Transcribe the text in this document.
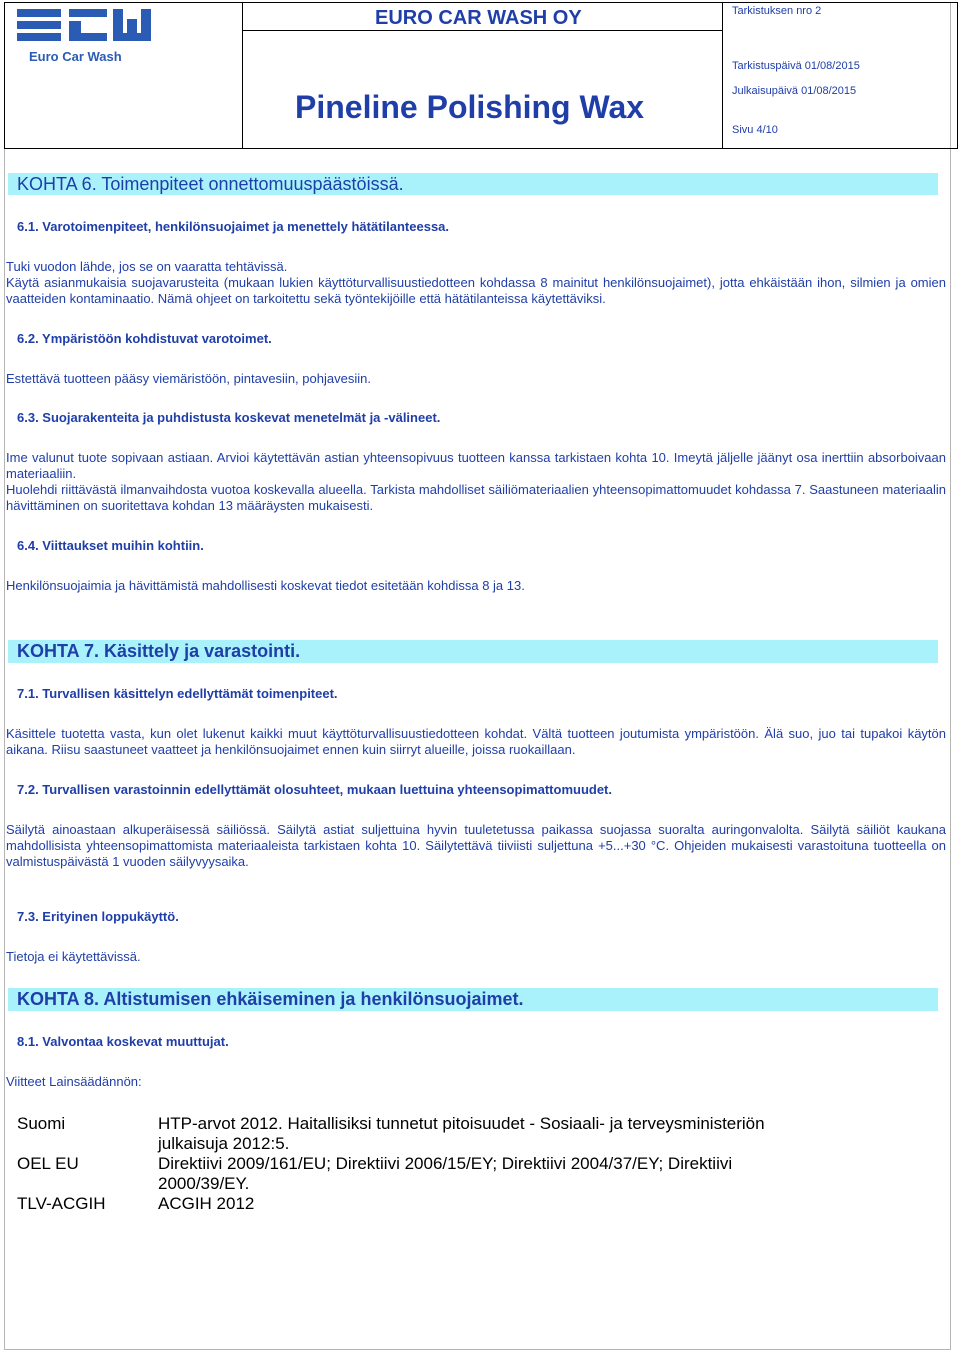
Euro Car Wash
EURO CAR WASH OY
Pineline Polishing Wax
Tarkistuksen nro 2
Tarkistuspäivä 01/08/2015
Julkaisupäivä 01/08/2015
Sivu 4/10
KOHTA 6. Toimenpiteet onnettomuuspäästöissä.
6.1. Varotoimenpiteet, henkilönsuojaimet ja menettely hätätilanteessa.
Tuki vuodon lähde, jos se on vaaratta tehtävissä.
Käytä asianmukaisia suojavarusteita (mukaan lukien käyttöturvallisuustiedotteen kohdassa 8 mainitut henkilönsuojaimet), jotta ehkäistään ihon, silmien ja omien vaatteiden kontaminaatio. Nämä ohjeet on tarkoitettu sekä työntekijöille että hätätilanteissa käytettäviksi.
6.2. Ympäristöön kohdistuvat varotoimet.
Estettävä tuotteen pääsy viemäristöön, pintavesiin, pohjavesiin.
6.3. Suojarakenteita ja puhdistusta koskevat menetelmät ja -välineet.
Ime valunut tuote sopivaan astiaan. Arvioi käytettävän astian yhteensopivuus tuotteen kanssa tarkistaen kohta 10. Imeytä jäljelle jäänyt osa inerttiin absorboivaan materiaaliin.
Huolehdi riittävästä ilmanvaihdosta vuotoa koskevalla alueella. Tarkista mahdolliset säiliömateriaalien yhteensopimattomuudet kohdassa 7. Saastuneen materiaalin hävittäminen on suoritettava kohdan 13 määräysten mukaisesti.
6.4. Viittaukset muihin kohtiin.
Henkilönsuojaimia ja hävittämistä mahdollisesti koskevat tiedot esitetään kohdissa 8 ja 13.
KOHTA 7. Käsittely ja varastointi.
7.1. Turvallisen käsittelyn edellyttämät toimenpiteet.
Käsittele tuotetta vasta, kun olet lukenut kaikki muut käyttöturvallisuustiedotteen kohdat. Vältä tuotteen joutumista ympäristöön. Älä suo, juo tai tupakoi käytön aikana. Riisu saastuneet vaatteet ja henkilönsuojaimet ennen kuin siirryt alueille, joissa ruokaillaan.
7.2. Turvallisen varastoinnin edellyttämät olosuhteet, mukaan luettuina yhteensopimattomuudet.
Säilytä ainoastaan alkuperäisessä säiliössä. Säilytä astiat suljettuina hyvin tuuletetussa paikassa suojassa suoralta auringonvalolta. Säilytä säiliöt kaukana mahdollisista yhteensopimattomista materiaaleista tarkistaen kohta 10. Säilytettävä tiiviisti suljettuna +5...+30 °C. Ohjeiden mukaisesti varastoituna tuotteella on valmistuspäivästä 1 vuoden säilyvyysaika.
7.3. Erityinen loppukäyttö.
Tietoja ei käytettävissä.
KOHTA 8. Altistumisen ehkäiseminen ja henkilönsuojaimet.
8.1. Valvontaa koskevat muuttujat.
Viitteet Lainsäädännön:
Suomi	HTP-arvot 2012. Haitallisiksi tunnetut pitoisuudet - Sosiaali- ja terveysministeriön julkaisuja 2012:5.
OEL EU	Direktiivi 2009/161/EU; Direktiivi 2006/15/EY; Direktiivi 2004/37/EY; Direktiivi 2000/39/EY.
TLV-ACGIH	ACGIH 2012
